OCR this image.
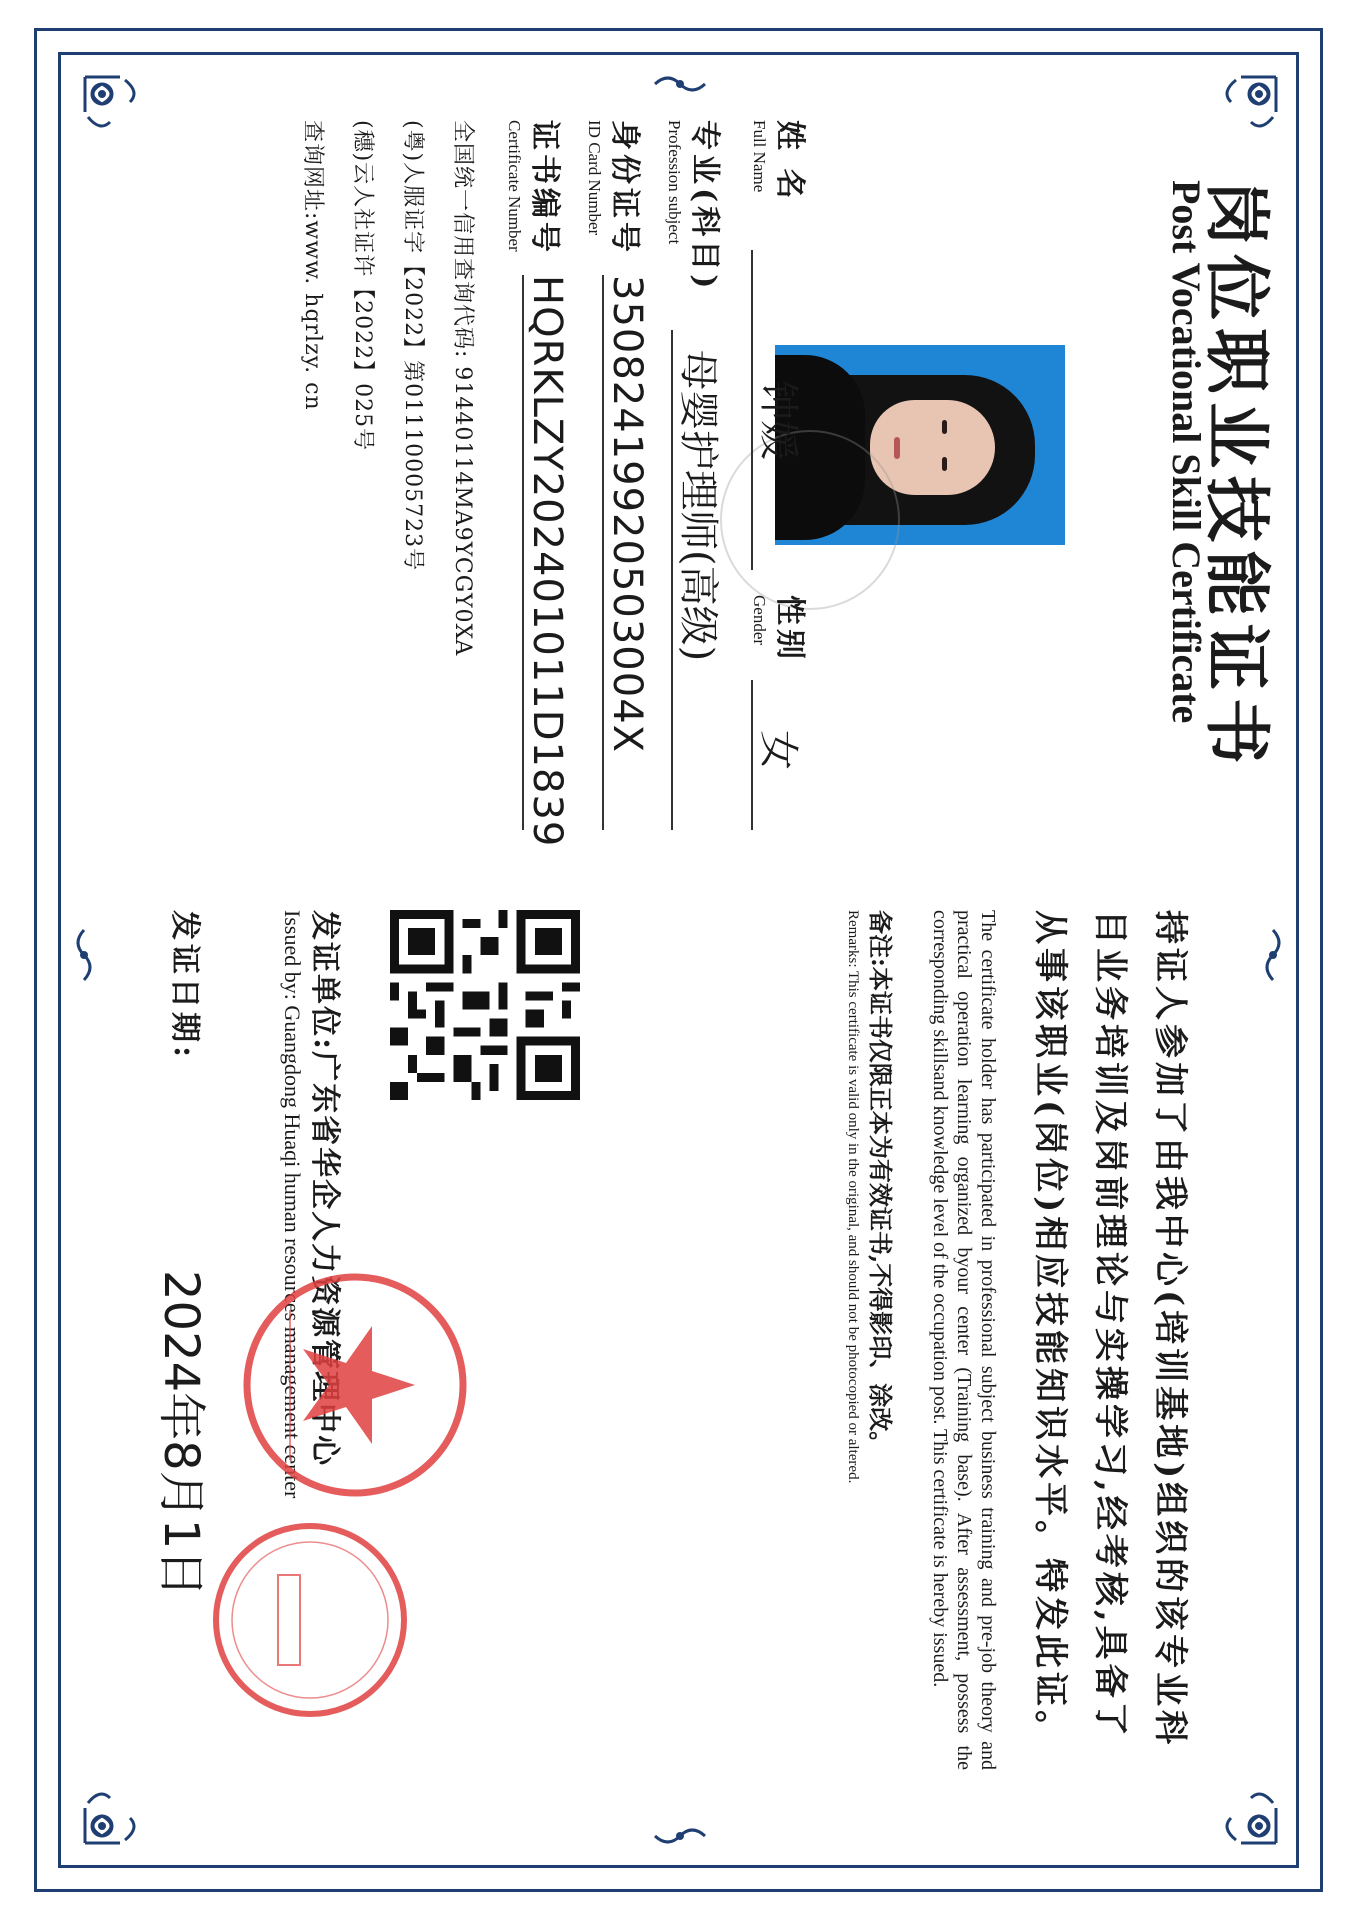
岗位职业技能证书
Post Vocational Skill Certificate
姓 名
Full Name
钟媛
性别
Gender
女
专业(科目)
Profession subject
母婴护理师(高级)
身份证号
ID Card Number
35082419920503004X
证书编号
Certificate Number
HQRKLZY202401011D1839
全国统一信用查询代码: 91440114MA9YCGY0XA
(粤)人服证字【2022】第01110005723号
(穗)云人社证许【2022】025号
查询网址:www. hqrlzy. cn
持证人参加了由我中心(培训基地)组织的该专业科目业务培训及岗前理论与实操学习,经考核,具备了从事该职业(岗位)相应技能知识水平。特发此证。
The certificate holder has participated in professional subject business training and pre-job theory and practical operation learning organized byour center (Training base). After assessment, possess the corresponding skillsand knowledge level of the occupation post. This certificate is hereby issued.
备注:本证书仅限正本为有效证书,不得影印、涂改。
Remarks: This certificate is valid only in the original, and should not be photocopied or altered.
发证单位:广东省华企人力资源管理中心
Issued by: Guangdong Huaqi human resources management center
发证日期:
2024年8月1日
